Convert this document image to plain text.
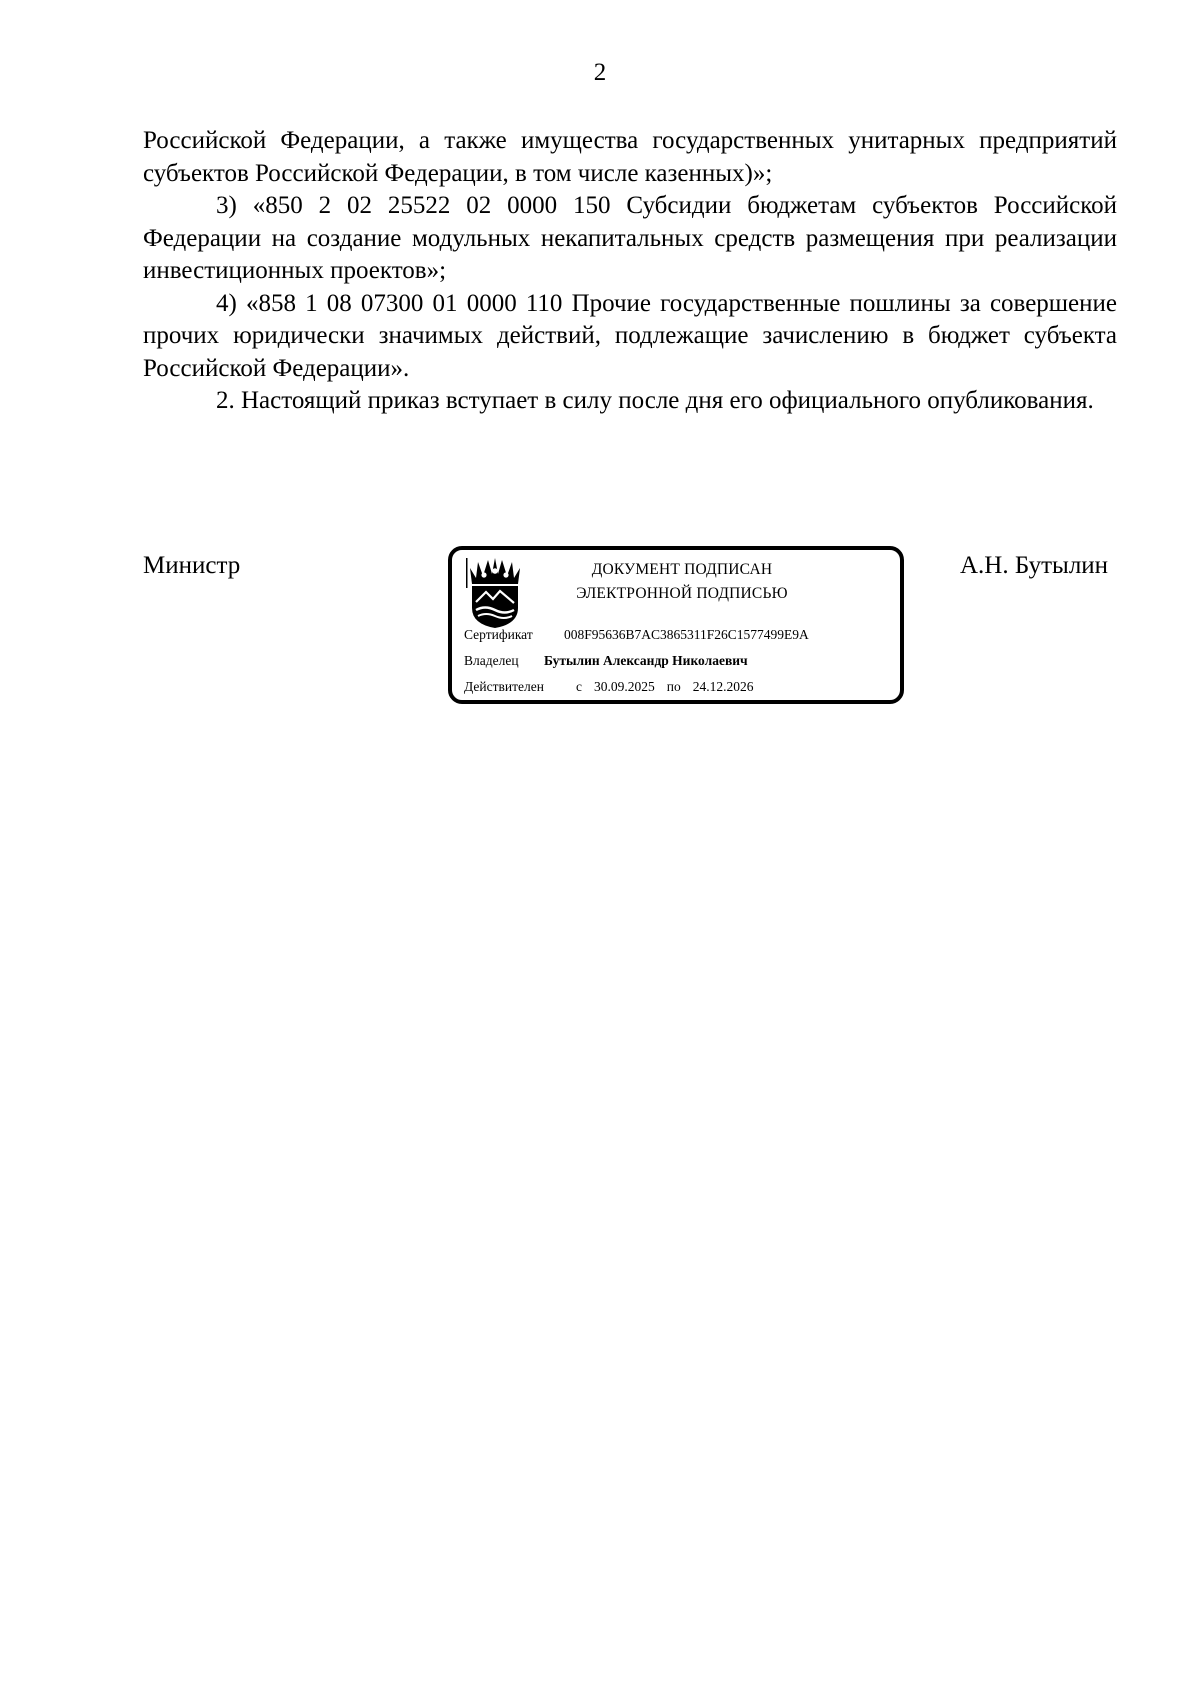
2

Российской Федерации, а также имущества государственных унитарных предприятий субъектов Российской Федерации, в том числе казенных)»;

3) «850 2 02 25522 02 0000 150 Субсидии бюджетам субъектов Российской Федерации на создание модульных некапитальных средств размещения при реализации инвестиционных проектов»;

4) «858 1 08 07300 01 0000 110 Прочие государственные пошлины за совершение прочих юридически значимых действий, подлежащие зачислению в бюджет субъекта Российской Федерации».

2. Настоящий приказ вступает в силу после дня его официального опубликования.

Министр	ДОКУМЕНТ ПОДПИСАН
ЭЛЕКТРОННОЙ ПОДПИСЬЮ
Сертификат 008F95636B7AC3865311F26C1577499E9A
Владелец Бутылин Александр Николаевич
Действителен с 30.09.2025 по 24.12.2026
А.Н. Бутылин
